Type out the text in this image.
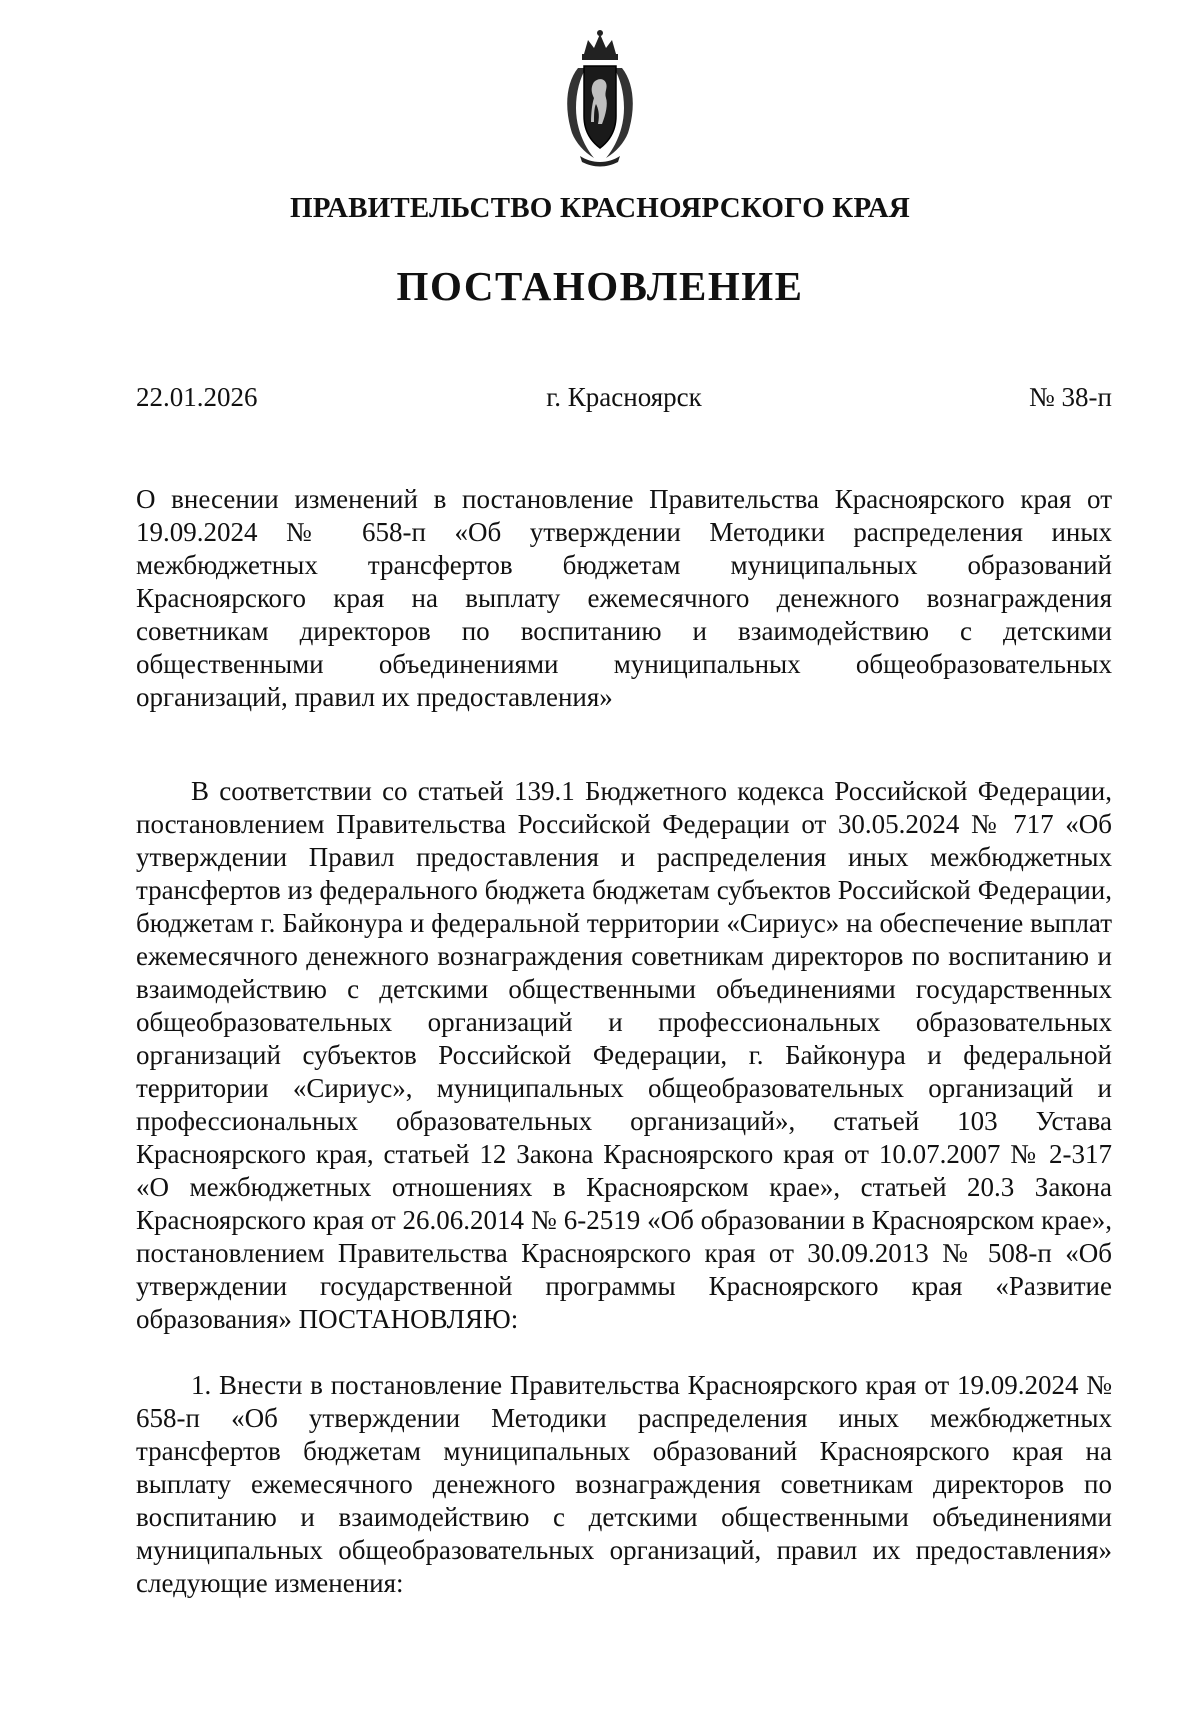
ПРАВИТЕЛЬСТВО КРАСНОЯРСКОГО КРАЯ
ПОСТАНОВЛЕНИЕ
г. Красноярск
22.01.2026	№ 38-п

О внесении изменений в постановление Правительства Красноярского края от 19.09.2024 № 658-п «Об утверждении Методики распределения иных межбюджетных трансфертов бюджетам муниципальных образований Красноярского края на выплату ежемесячного денежного вознаграждения советникам директоров по воспитанию и взаимодействию с детскими общественными объединениями муниципальных общеобразовательных организаций, правил их предоставления»

В соответствии со статьей 139.1 Бюджетного кодекса Российской Федерации, постановлением Правительства Российской Федерации от 30.05.2024 № 717 «Об утверждении Правил предоставления и распределения иных межбюджетных трансфертов из федерального бюджета бюджетам субъектов Российской Федерации, бюджетам г. Байконура и федеральной территории «Сириус» на обеспечение выплат ежемесячного денежного вознаграждения советникам директоров по воспитанию и взаимодействию с детскими общественными объединениями государственных общеобразовательных организаций и профессиональных образовательных организаций субъектов Российской Федерации, г. Байконура и федеральной территории «Сириус», муниципальных общеобразовательных организаций и профессиональных образовательных организаций», статьей 103 Устава Красноярского края, статьей 12 Закона Красноярского края от 10.07.2007 № 2-317 «О межбюджетных отношениях в Красноярском крае», статьей 20.3 Закона Красноярского края от 26.06.2014 № 6-2519 «Об образовании в Красноярском крае», постановлением Правительства Красноярского края от 30.09.2013 № 508-п «Об утверждении государственной программы Красноярского края «Развитие образования» ПОСТАНОВЛЯЮ:

1. Внести в постановление Правительства Красноярского края от 19.09.2024 № 658-п «Об утверждении Методики распределения иных межбюджетных трансфертов бюджетам муниципальных образований Красноярского края на выплату ежемесячного денежного вознаграждения советникам директоров по воспитанию и взаимодействию с детскими общественными объединениями муниципальных общеобразовательных организаций, правил их предоставления» следующие изменения:
